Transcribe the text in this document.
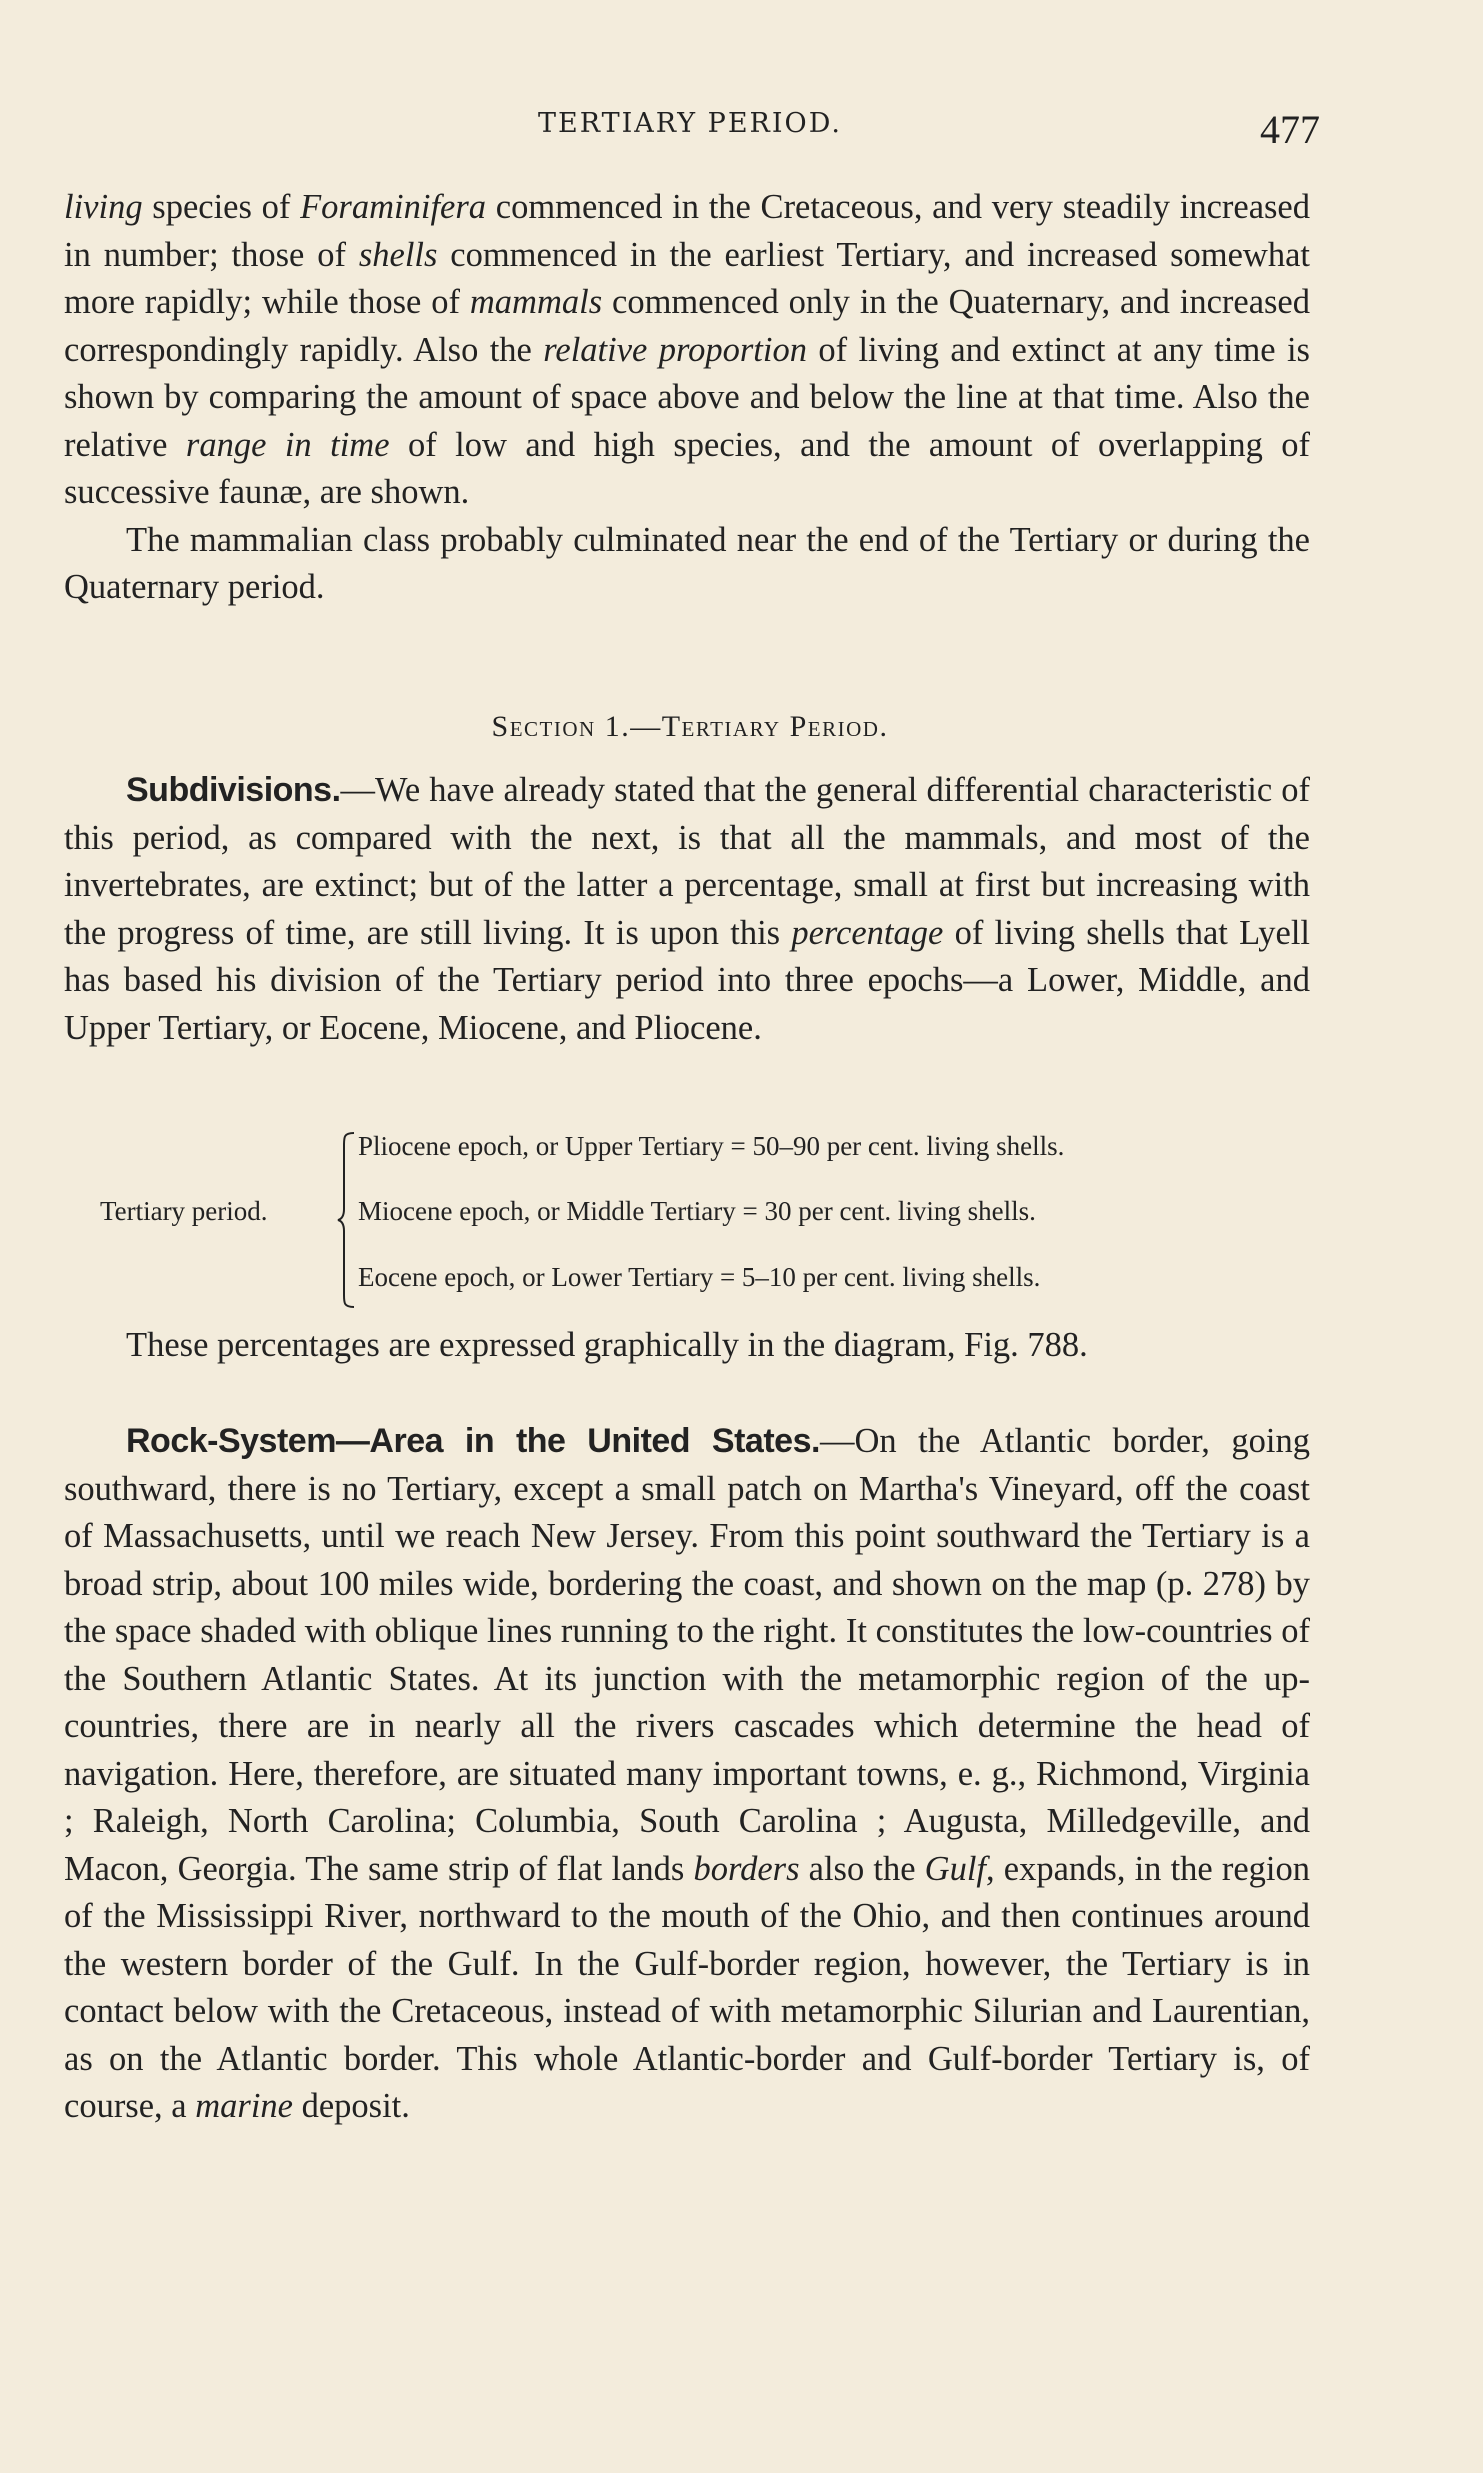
TERTIARY PERIOD.	477

living species of Foraminifera commenced in the Cretaceous, and very steadily increased in number; those of shells commenced in the earliest Tertiary, and increased somewhat more rapidly; while those of mammals commenced only in the Quaternary, and increased correspondingly rapidly. Also the relative proportion of living and extinct at any time is shown by comparing the amount of space above and below the line at that time. Also the relative range in time of low and high species, and the amount of overlapping of successive faunæ, are shown.

The mammalian class probably culminated near the end of the Tertiary or during the Quaternary period.

Section 1.—Tertiary Period.

Subdivisions.—We have already stated that the general differential characteristic of this period, as compared with the next, is that all the mammals, and most of the invertebrates, are extinct; but of the latter a percentage, small at first but increasing with the progress of time, are still living. It is upon this percentage of living shells that Lyell has based his division of the Tertiary period into three epochs—a Lower, Middle, and Upper Tertiary, or Eocene, Miocene, and Pliocene.

Tertiary period.
Pliocene epoch, or Upper Tertiary = 50–90 per cent. living shells.
Miocene epoch, or Middle Tertiary = 30 per cent. living shells.
Eocene epoch, or Lower Tertiary = 5–10 per cent. living shells.

These percentages are expressed graphically in the diagram, Fig. 788.

Rock-System—Area in the United States.—On the Atlantic border, going southward, there is no Tertiary, except a small patch on Martha's Vineyard, off the coast of Massachusetts, until we reach New Jersey. From this point southward the Tertiary is a broad strip, about 100 miles wide, bordering the coast, and shown on the map (p. 278) by the space shaded with oblique lines running to the right. It constitutes the low-countries of the Southern Atlantic States. At its junction with the metamorphic region of the up-countries, there are in nearly all the rivers cascades which determine the head of navigation. Here, therefore, are situated many important towns, e. g., Richmond, Virginia ; Raleigh, North Carolina; Columbia, South Carolina ; Augusta, Milledgeville, and Macon, Georgia. The same strip of flat lands borders also the Gulf, expands, in the region of the Mississippi River, northward to the mouth of the Ohio, and then continues around the western border of the Gulf. In the Gulf-border region, however, the Tertiary is in contact below with the Cretaceous, instead of with metamorphic Silurian and Laurentian, as on the Atlantic border. This whole Atlantic-border and Gulf-border Tertiary is, of course, a marine deposit.
